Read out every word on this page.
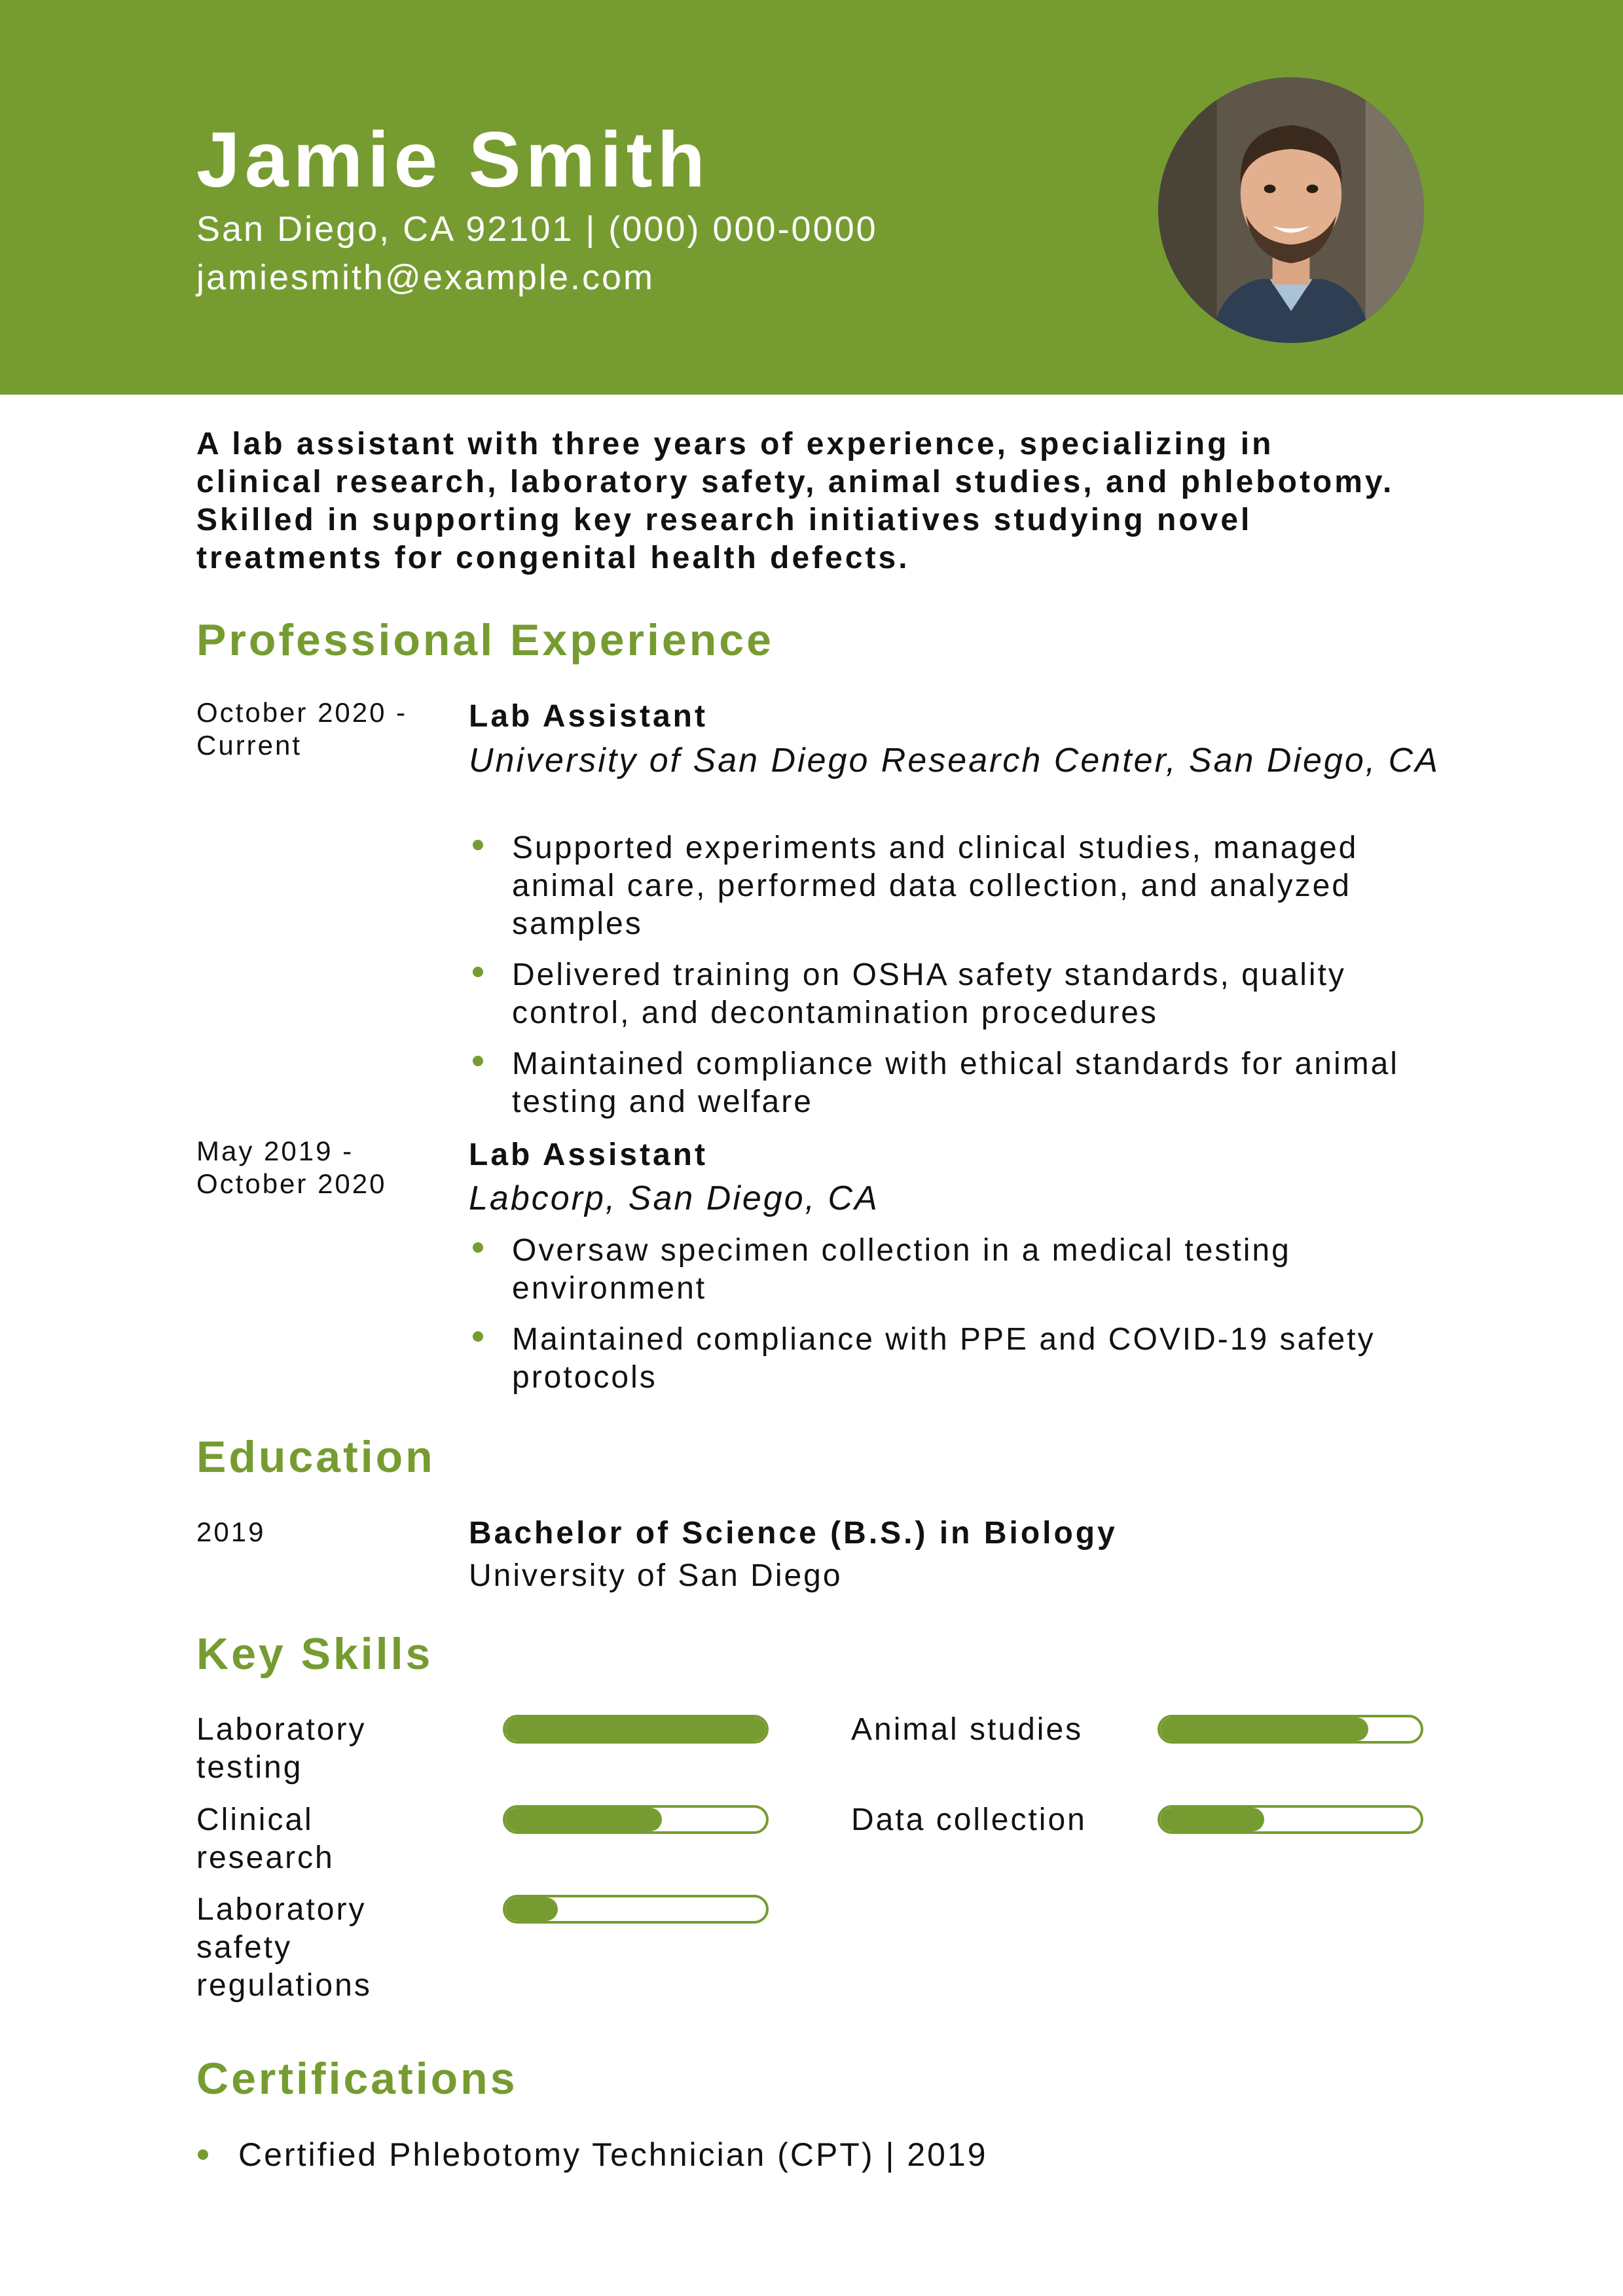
Jamie Smith
San Diego, CA 92101 | (000) 000-0000
jamiesmith@example.com
A lab assistant with three years of experience, specializing in clinical research, laboratory safety, animal studies, and phlebotomy. Skilled in supporting key research initiatives studying novel treatments for congenital health defects.
Professional Experience
October 2020 - Current
Lab Assistant
University of San Diego Research Center, San Diego, CA
Supported experiments and clinical studies, managed animal care, performed data collection, and analyzed samples
Delivered training on OSHA safety standards, quality control, and decontamination procedures
Maintained compliance with ethical standards for animal testing and welfare
May 2019 - October 2020
Lab Assistant
Labcorp, San Diego, CA
Oversaw specimen collection in a medical testing environment
Maintained compliance with PPE and COVID-19 safety protocols
Education
2019	Bachelor of Science (B.S.) in Biology
University of San Diego
Key Skills
Laboratory testing
Animal studies
Clinical research
Data collection
Laboratory safety regulations
Certifications
Certified Phlebotomy Technician (CPT) | 2019
